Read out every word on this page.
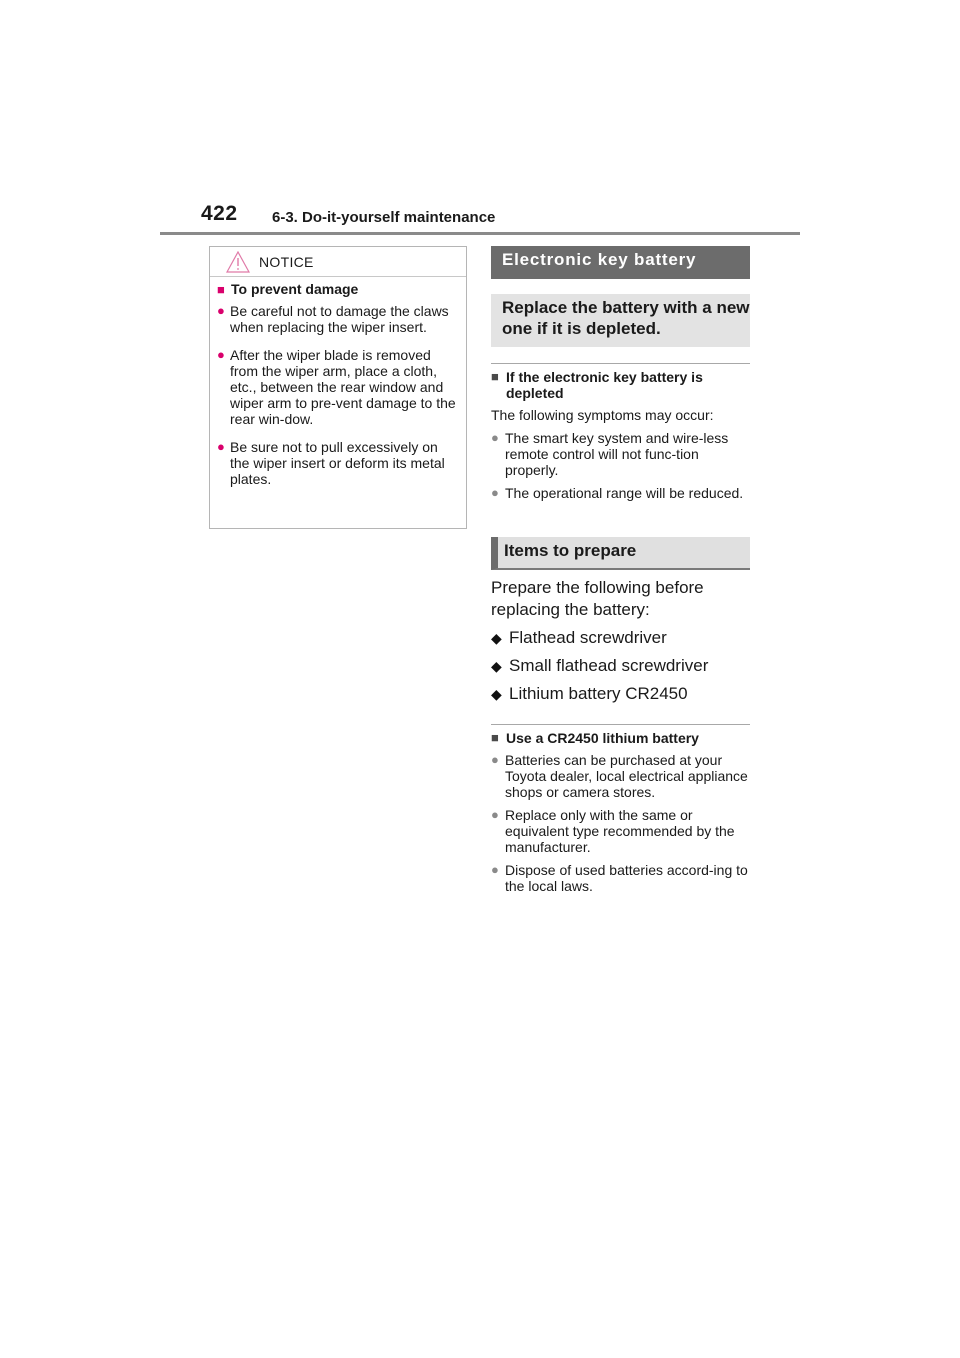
422 6-3. Do-it-yourself maintenance
NOTICE
■ To prevent damage
● Be careful not to damage the claws when replacing the wiper insert.
● After the wiper blade is removed from the wiper arm, place a cloth, etc., between the rear window and wiper arm to pre-vent damage to the rear win-dow.
● Be sure not to pull excessively on the wiper insert or deform its metal plates.
Electronic key battery
Replace the battery with a new one if it is depleted.
■ If the electronic key battery is depleted
The following symptoms may occur:
● The smart key system and wire-less remote control will not func-tion properly.
● The operational range will be reduced.
Items to prepare
Prepare the following before replacing the battery:
◆ Flathead screwdriver
◆ Small flathead screwdriver
◆ Lithium battery CR2450
■ Use a CR2450 lithium battery
● Batteries can be purchased at your Toyota dealer, local electrical appliance shops or camera stores.
● Replace only with the same or equivalent type recommended by the manufacturer.
● Dispose of used batteries accord-ing to the local laws.
